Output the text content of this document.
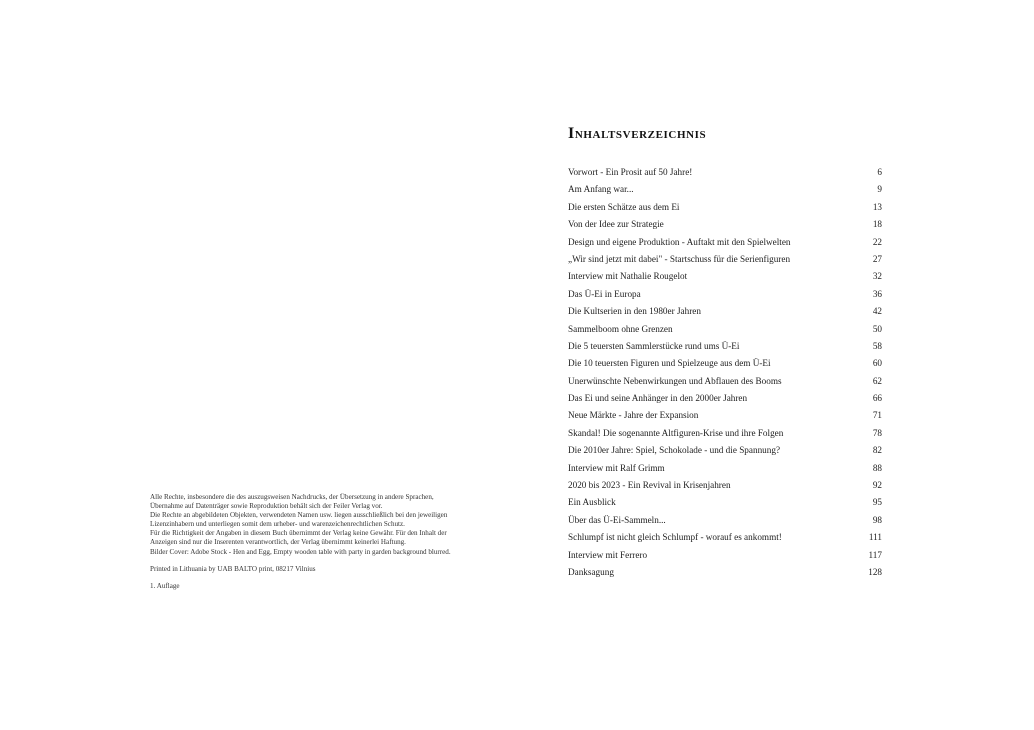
Alle Rechte, insbesondere die des auszugsweisen Nachdrucks, der Übersetzung in andere Sprachen,

Übernahme auf Datenträger sowie Reproduktion behält sich der Feiler Verlag vor.

Die Rechte an abgebildeten Objekten, verwendeten Namen usw. liegen ausschließlich bei den jeweiligen

Lizenzinhabern und unterliegen somit dem urheber- und warenzeichenrechtlichen Schutz.

Für die Richtigkeit der Angaben in diesem Buch übernimmt der Verlag keine Gewähr. Für den Inhalt der

Anzeigen sind nur die Inserenten verantwortlich, der Verlag übernimmt keinerlei Haftung.

Bilder Cover: Adobe Stock - Hen and Egg, Empty wooden table with party in garden background blurred.

Printed in Lithuania by UAB BALTO print, 08217 Vilnius

1. Auflage

Inhaltsverzeichnis
Vorwort - Ein Prosit auf 50 Jahre!	6
Am Anfang war...	9
Die ersten Schätze aus dem Ei	13
Von der Idee zur Strategie	18
Design und eigene Produktion - Auftakt mit den Spielwelten	22
„Wir sind jetzt mit dabei" - Startschuss für die Serienfiguren	27
Interview mit Nathalie Rougelot	32
Das Ü-Ei in Europa	36
Die Kultserien in den 1980er Jahren	42
Sammelboom ohne Grenzen	50
Die 5 teuersten Sammlerstücke rund ums Ü-Ei	58
Die 10 teuersten Figuren und Spielzeuge aus dem Ü-Ei	60
Unerwünschte Nebenwirkungen und Abflauen des Booms	62
Das Ei und seine Anhänger in den 2000er Jahren	66
Neue Märkte - Jahre der Expansion	71
Skandal! Die sogenannte Altfiguren-Krise und ihre Folgen	78
Die 2010er Jahre: Spiel, Schokolade - und die Spannung?	82
Interview mit Ralf Grimm	88
2020 bis 2023 - Ein Revival in Krisenjahren	92
Ein Ausblick	95
Über das Ü-Ei-Sammeln...	98
Schlumpf ist nicht gleich Schlumpf - worauf es ankommt!	111
Interview mit Ferrero	117
Danksagung	128
